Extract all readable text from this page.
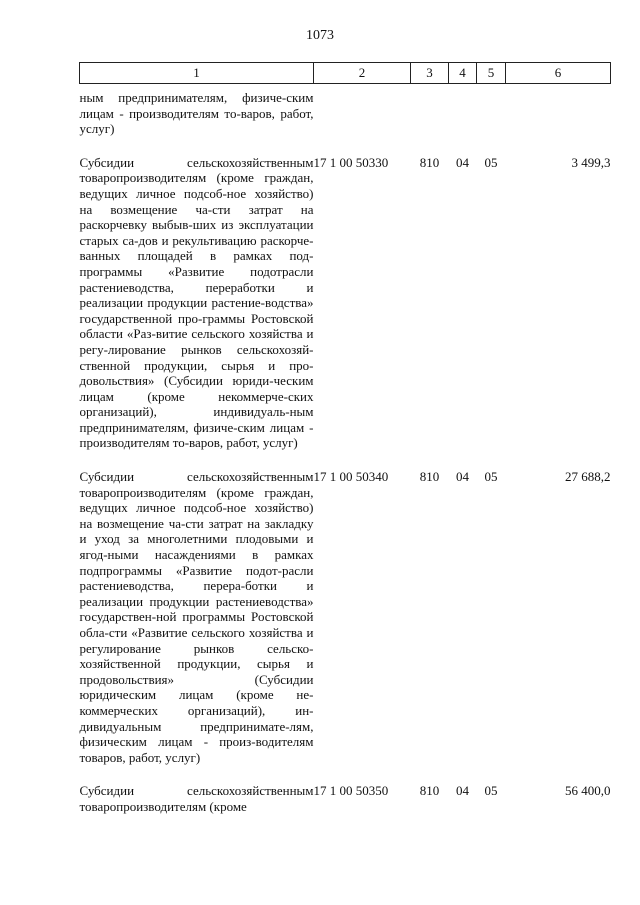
1073
1	2	3	4	5	6
ным предпринимателям, физиче-ским лицам - производителям то-варов, работ, услуг)					
Субсидии сельскохозяйственным товаропроизводителям (кроме граждан, ведущих личное подсоб-ное хозяйство) на возмещение ча-сти затрат на раскорчевку выбыв-ших из эксплуатации старых са-дов и рекультивацию раскорче-ванных площадей в рамках под-программы «Развитие подотрасли растениеводства, переработки и реализации продукции растение-водства» государственной про-граммы Ростовской области «Раз-витие сельского хозяйства и регу-лирование рынков сельскохозяй-ственной продукции, сырья и про-довольствия» (Субсидии юриди-ческим лицам (кроме некоммерче-ских организаций), индивидуаль-ным предпринимателям, физиче-ским лицам - производителям то-варов, работ, услуг)	17 1 00 50330	810	04	05	3 499,3
Субсидии сельскохозяйственным товаропроизводителям (кроме граждан, ведущих личное подсоб-ное хозяйство) на возмещение ча-сти затрат на закладку и уход за многолетними плодовыми и ягод-ными насаждениями в рамках подпрограммы «Развитие подот-расли растениеводства, перера-ботки и реализации продукции растениеводства» государствен-ной программы Ростовской обла-сти «Развитие сельского хозяйства и регулирование рынков сельско-хозяйственной продукции, сырья и продовольствия» (Субсидии юридическим лицам (кроме не-коммерческих организаций), ин-дивидуальным предпринимате-лям, физическим лицам - произ-водителям товаров, работ, услуг)	17 1 00 50340	810	04	05	27 688,2
Субсидии сельскохозяйственным товаропроизводителям (кроме	17 1 00 50350	810	04	05	56 400,0
